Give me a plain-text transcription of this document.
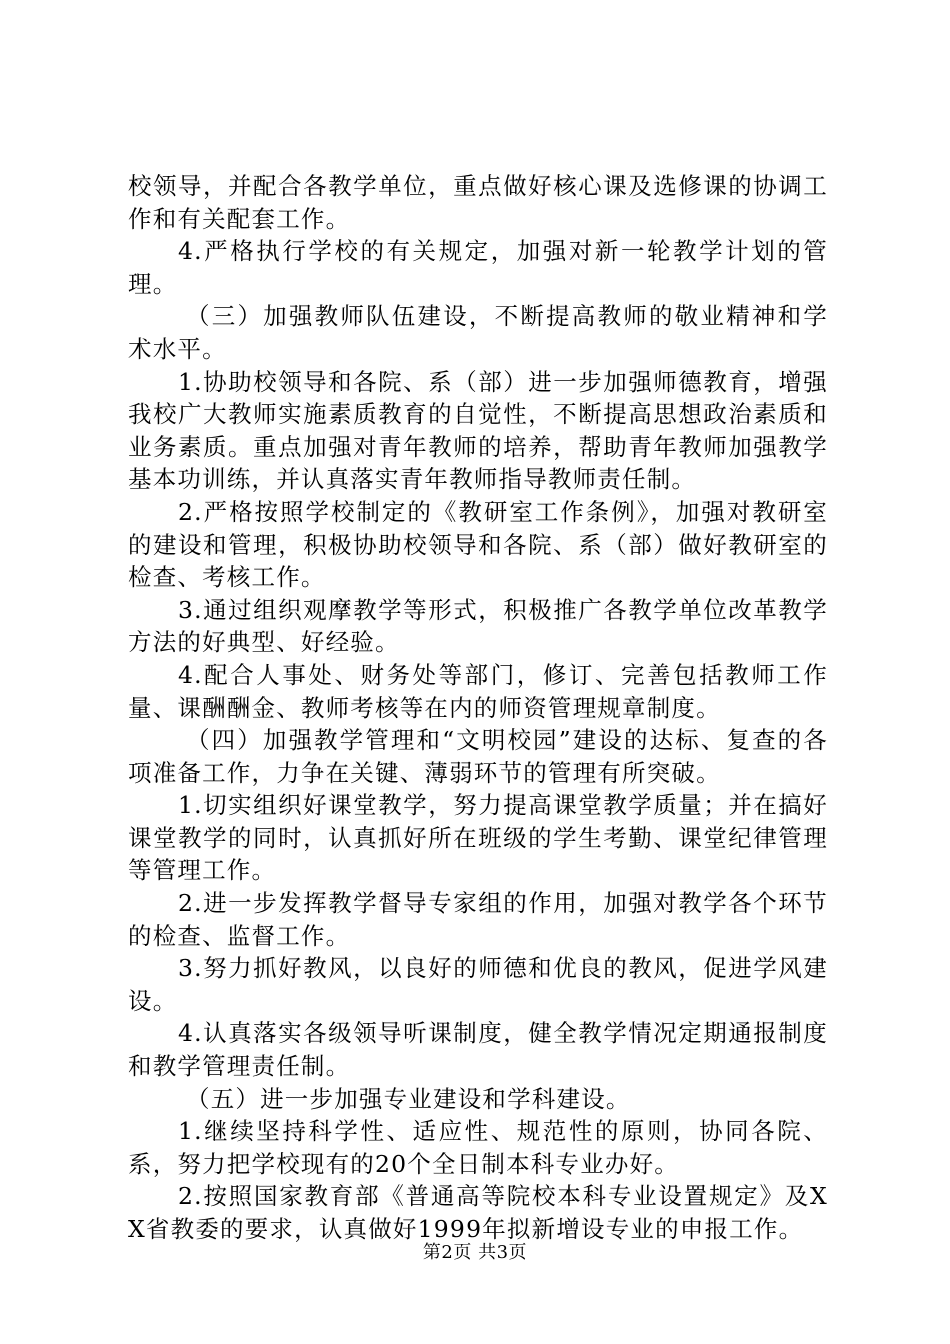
校领导，并配合各教学单位，重点做好核心课及选修课的协调工作和有关配套工作。

4.严格执行学校的有关规定，加强对新一轮教学计划的管理。

（三）加强教师队伍建设，不断提高教师的敬业精神和学术水平。

1.协助校领导和各院、系（部）进一步加强师德教育，增强我校广大教师实施素质教育的自觉性，不断提高思想政治素质和业务素质。重点加强对青年教师的培养，帮助青年教师加强教学基本功训练，并认真落实青年教师指导教师责任制。

2.严格按照学校制定的《教研室工作条例》，加强对教研室的建设和管理，积极协助校领导和各院、系（部）做好教研室的检查、考核工作。

3.通过组织观摩教学等形式，积极推广各教学单位改革教学方法的好典型、好经验。

4.配合人事处、财务处等部门，修订、完善包括教师工作量、课酬酬金、教师考核等在内的师资管理规章制度。

（四）加强教学管理和“文明校园”建设的达标、复查的各项准备工作，力争在关键、薄弱环节的管理有所突破。

1.切实组织好课堂教学，努力提高课堂教学质量；并在搞好课堂教学的同时，认真抓好所在班级的学生考勤、课堂纪律管理等管理工作。

2.进一步发挥教学督导专家组的作用，加强对教学各个环节的检查、监督工作。

3.努力抓好教风，以良好的师德和优良的教风，促进学风建设。

4.认真落实各级领导听课制度，健全教学情况定期通报制度和教学管理责任制。

（五）进一步加强专业建设和学科建设。

1.继续坚持科学性、适应性、规范性的原则，协同各院、系，努力把学校现有的20个全日制本科专业办好。

2.按照国家教育部《普通高等院校本科专业设置规定》及XX省教委的要求，认真做好1999年拟新增设专业的申报工作。

第2页 共3页
